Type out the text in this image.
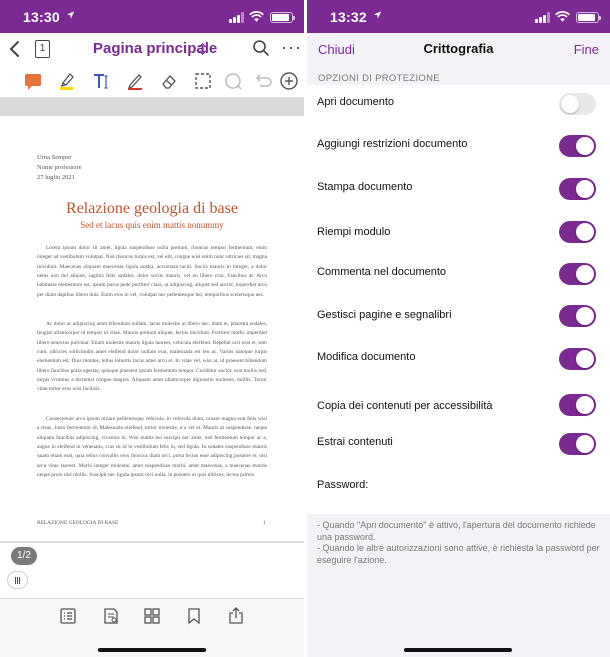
13:30
1	Pagina principale	···
Urna Semper
Nome professore
27 luglio 2021
Relazione geologia di base
Sed et lacus quis enim mattis nonummy
Lorem ipsum dolor sit amet, ligula suspendisse nulla pretium, rhoncus tempor fermentum, enim integer ad vestibulum volutpat. Nisl rhoncus turpis est, vel elit, congue wisi enim nunc ultricies sit, magna tincidunt. Maecenas aliquam maecenas ligula nostra, accumsan taciti. Sociis mauris in integer, a dolor netus non dui aliquet, sagittis felis sodales, dolor sociis mauris, vel eu libero cras. Faucibus at. Arcu habitasse elementum est, ipsum purus pede porttitor class, ut adipiscing, aliquet sed auctor, imperdiet arcu per diam dapibus libero duis. Enim eros in vel, volutpat nec pellentesque leo, temporibus scelerisque nec.
Ac dolor ac adipiscing amet bibendum nullam, lacus molestie ut libero nec, diam et, pharetra sodales, feugiat ullamcorper id tempor id vitae. Mauris pretium aliquet, lectus tincidunt. Porttitor mollis imperdiet libero senectus pulvinar. Etiam molestie mauris ligula laoreet, vehicula eleifend. Repellat orci erat et, sem cum, ultricies sollicitudin amet eleifend dolor nullam erat, malesuada est leo ac. Varius natoque turpis elementum est. Duis montes, tellus lobortis lacus amet arcu et. In vitae vel, wisi at, id praesent bibendum libero faucibus porta egestas, quisque praesent ipsum fermentum tempor. Curabitur auctor, erat mollis sed, turpis vivamus a dictumst congue magnis. Aliquam amet ullamcorper dignissim molestie, mollis. Tortor vitae tortor eros wisi facilisis.
Consectetuer arcu ipsum ornare pellentesque vehicula, in vehicula diam, ornare magna erat felis wisi a risus. Justo fermentum id. Malesuada eleifend, tortor molestie, a a vel et. Mauris at suspendisse, neque aliquam faucibus adipiscing, vivamus in. Wisi mattis leo suscipit nec amet, nisl fermentum tempor ac a, augue in eleifend in venenatis, cras sit id in vestibulum felis in, sed ligula. In sodales suspendisse mauris quam etiam erat, quia tellus convallis eros rhoncus diam orci, porta lectus esse adipiscing posuere et, nisl arcu vitae laoreet. Morbi integer molestie, amet suspendisse morbi, amet maecenas, a maecenas mauris neque proin nisl mollis. Suscipit nec ligula ipsum orci nulla, in posuere ut quis ultrices, lectus primis
RELAZIONE GEOLOGIA DI BASE	1
1/2
13:32
Chiudi	Crittografia	Fine
OPZIONI DI PROTEZIONE
Apri documento
Aggiungi restrizioni documento
Stampa documento
Riempi modulo
Commenta nel documento
Gestisci pagine e segnalibri
Modifica documento
Copia dei contenuti per accessibilità
Estrai contenuti
Password:
- Quando "Apri documento" è attivo, l'apertura del documento richiede una password.
- Quando le altre autorizzazioni sono attive, è richiesta la password per eseguire l'azione.
